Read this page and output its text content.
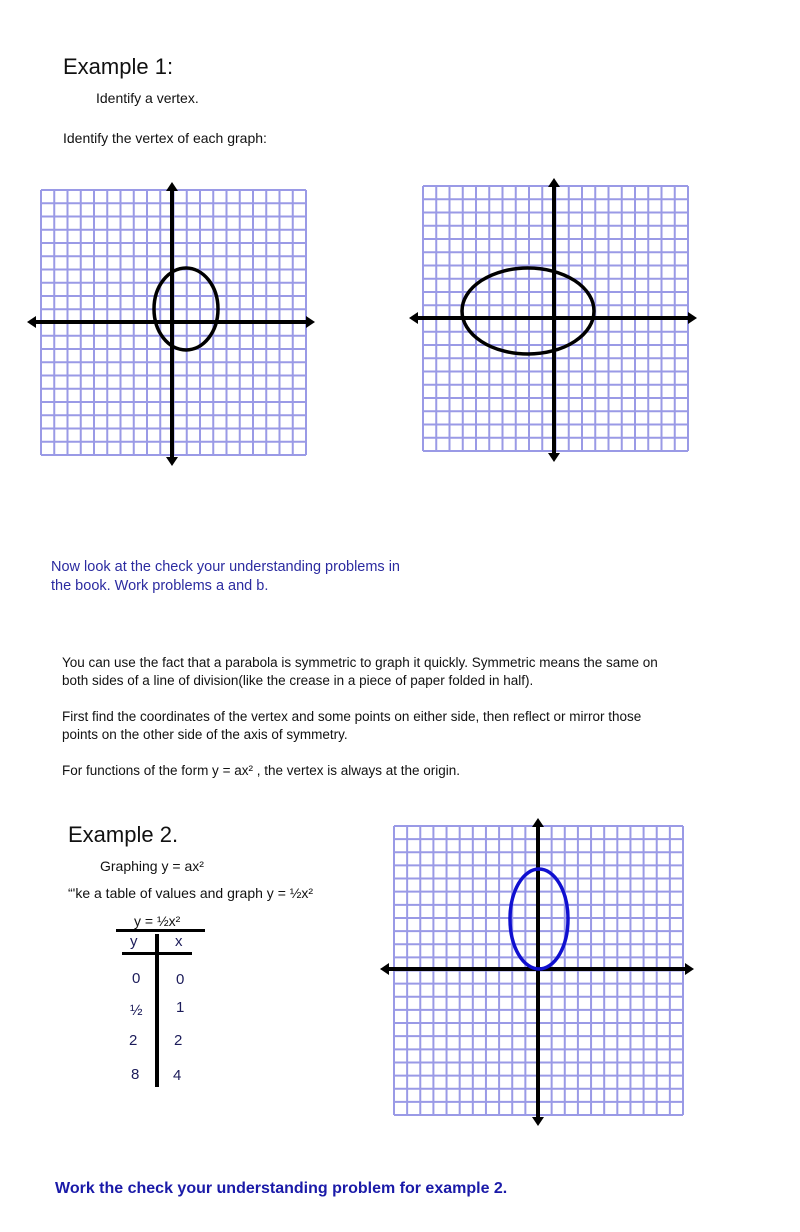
Example 1:
Identify a vertex.
Identify the vertex of each graph:
Now look at the check your understanding problems in
the book. Work problems a and b.
You can use the fact that a parabola is symmetric to graph it quickly. Symmetric means the same on
both sides of a line of division(like the crease in a piece of paper folded in half).
First find the coordinates of the vertex and some points on either side, then reflect or mirror those
points on the other side of the axis of symmetry.
For functions of the form y = ax² , the vertex is always at the origin.
Example 2.
Graphing y = ax²
“'ke a table of values and graph y = ½x²
y = ½x²
y	x
0 0
½ 1
2 2
8 4
Work the check your understanding problem for example 2.
